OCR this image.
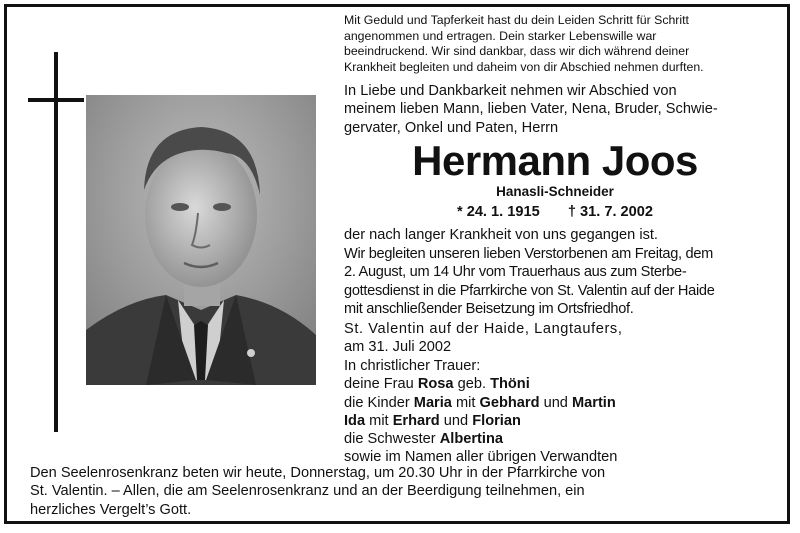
Mit Geduld und Tapferkeit hast du dein Leiden Schritt für Schritt
angenommen und ertragen. Dein starker Lebenswille war
beeindruckend. Wir sind dankbar, dass wir dich während deiner
Krankheit begleiten und daheim von dir Abschied nehmen durften.
In Liebe und Dankbarkeit nehmen wir Abschied von
meinem lieben Mann, lieben Vater, Nena, Bruder, Schwie-
gervater, Onkel und Paten, Herrn
Hermann Joos
Hanasli-Schneider
* 24. 1. 1915 † 31. 7. 2002
der nach langer Krankheit von uns gegangen ist.
Wir begleiten unseren lieben Verstorbenen am Freitag, dem
2. August, um 14 Uhr vom Trauerhaus aus zum Sterbe-
gottesdienst in die Pfarrkirche von St. Valentin auf der Haide
mit anschließender Beisetzung im Ortsfriedhof.
St. Valentin auf der Haide, Langtaufers,
am 31. Juli 2002
In christlicher Trauer:
deine Frau Rosa geb. Thöni
die Kinder Maria mit Gebhard und Martin
Ida mit Erhard und Florian
die Schwester Albertina
sowie im Namen aller übrigen Verwandten
Den Seelenrosenkranz beten wir heute, Donnerstag, um 20.30 Uhr in der Pfarrkirche von
St. Valentin. – Allen, die am Seelenrosenkranz und an der Beerdigung teilnehmen, ein
herzliches Vergelt’s Gott.
